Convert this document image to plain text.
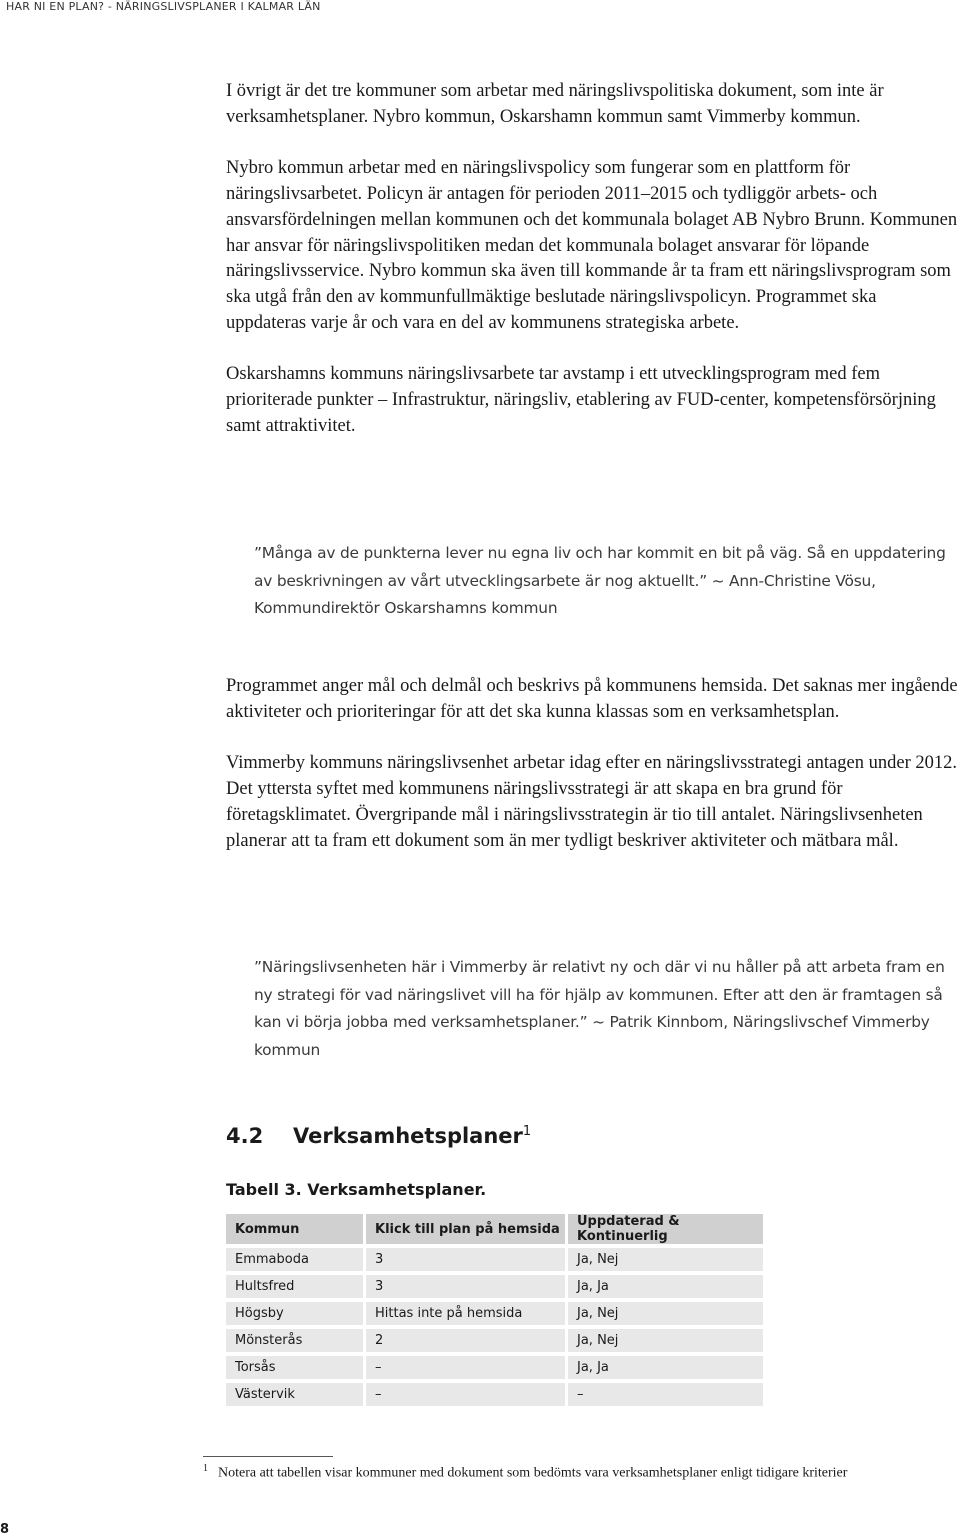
HAR NI EN PLAN? - NÄRINGSLIVSPLANER I KALMAR LÄN

I övrigt är det tre kommuner som arbetar med näringslivspolitiska dokument, som inte är verksamhetsplaner. Nybro kommun, Oskarshamn kommun samt Vimmerby kommun.

Nybro kommun arbetar med en näringslivspolicy som fungerar som en plattform för näringslivsarbetet. Policyn är antagen för perioden 2011–2015 och tydliggör arbets- och ansvarsfördelningen mellan kommunen och det kommunala bolaget AB Nybro Brunn. Kommunen har ansvar för näringslivspolitiken medan det kommunala bolaget ansvarar för löpande näringslivsservice. Nybro kommun ska även till kommande år ta fram ett näringslivsprogram som ska utgå från den av kommunfullmäktige beslutade näringslivspolicyn. Programmet ska uppdateras varje år och vara en del av kommunens strategiska arbete.

Oskarshamns kommuns näringslivsarbete tar avstamp i ett utvecklingsprogram med fem prioriterade punkter – Infrastruktur, näringsliv, etablering av FUD-center, kompetensförsörjning samt attraktivitet.

”Många av de punkterna lever nu egna liv och har kommit en bit på väg. Så en uppdatering av beskrivningen av vårt utvecklingsarbete är nog aktuellt.” ~ Ann-Christine Vösu, Kommundirektör Oskarshamns kommun

Programmet anger mål och delmål och beskrivs på kommunens hemsida. Det saknas mer ingående aktiviteter och prioriteringar för att det ska kunna klassas som en verksamhetsplan.

Vimmerby kommuns näringslivsenhet arbetar idag efter en näringslivsstrategi antagen under 2012. Det yttersta syftet med kommunens näringslivsstrategi är att skapa en bra grund för företagsklimatet. Övergripande mål i näringslivsstrategin är tio till antalet. Näringslivsenheten planerar att ta fram ett dokument som än mer tydligt beskriver aktiviteter och mätbara mål.

”Näringslivsenheten här i Vimmerby är relativt ny och där vi nu håller på att arbeta fram en ny strategi för vad näringslivet vill ha för hjälp av kommunen. Efter att den är framtagen så kan vi börja jobba med verksamhetsplaner.” ~ Patrik Kinnbom, Näringslivschef Vimmerby kommun
4.2 Verksamhetsplaner$^1$
Tabell 3. Verksamhetsplaner.
Kommun	Klick till plan på hemsida	Uppdaterad & Kontinuerlig
Emmaboda	3	Ja, Nej
Hultsfred	3	Ja, Ja
Högsby	Hittas inte på hemsida	Ja, Nej
Mönsterås	2	Ja, Nej
Torsås	–	Ja, Ja
Västervik	–	–
$^1$ Notera att tabellen visar kommuner med dokument som bedömts vara verksamhetsplaner enligt tidigare kriterier
8
